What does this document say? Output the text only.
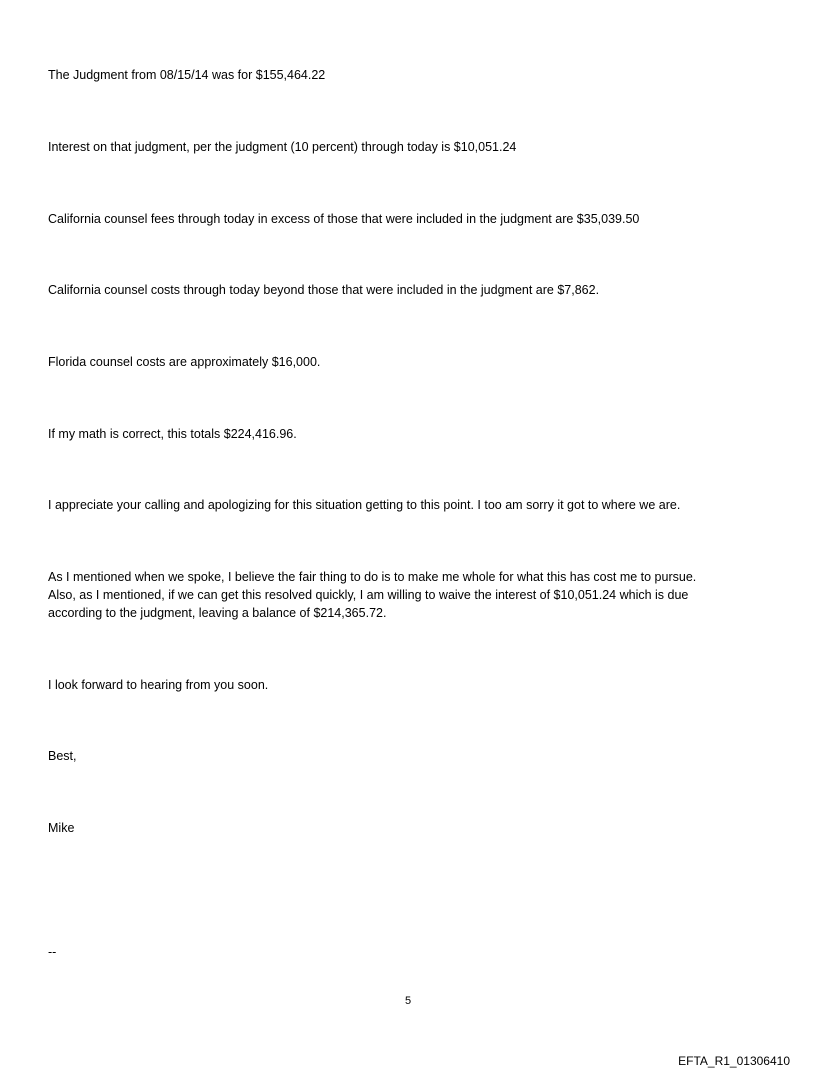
The Judgment from 08/15/14 was for $155,464.22
Interest on that judgment, per the judgment (10 percent) through today is $10,051.24
California counsel fees through today in excess of those that were included in the judgment are $35,039.50
California counsel costs through today beyond those that were included in the judgment are $7,862.
Florida counsel costs are approximately $16,000.
If my math is correct, this totals $224,416.96.
I appreciate your calling and apologizing for this situation getting to this point. I too am sorry it got to where we are.
As I mentioned when we spoke, I believe the fair thing to do is to make me whole for what this has cost me to pursue.
Also, as I mentioned, if we can get this resolved quickly, I am willing to waive the interest of $10,051.24 which is due
according to the judgment, leaving a balance of $214,365.72.
I look forward to hearing from you soon.
Best,
Mike
--
5
EFTA_R1_01306410
